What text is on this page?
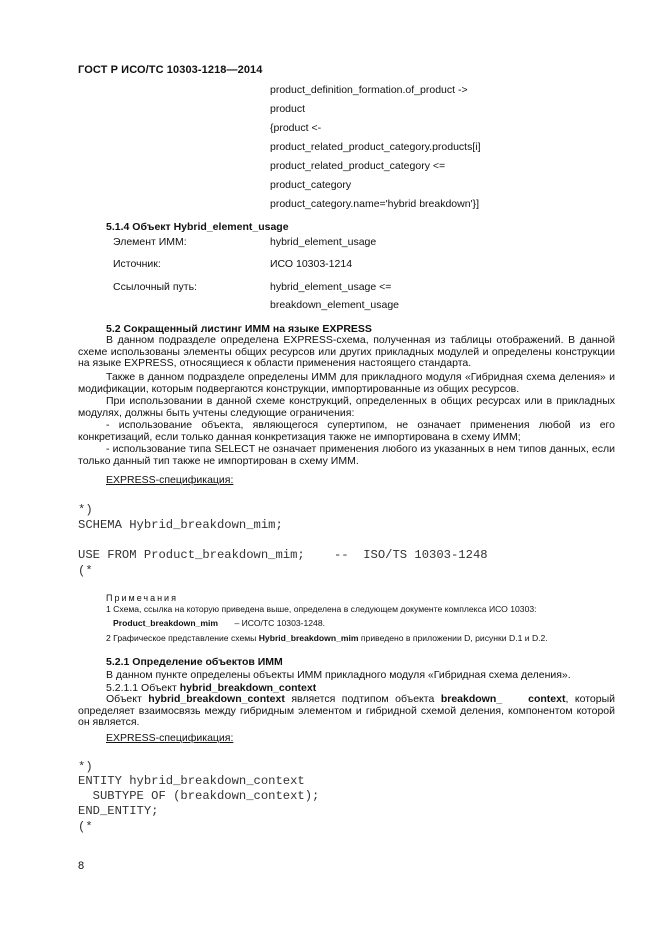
ГОСТ Р ИСО/ТС 10303-1218—2014
product_definition_formation.of_product ->
product
{product <-
product_related_product_category.products[i]
product_related_product_category <=
product_category
product_category.name='hybrid breakdown'}]
5.1.4 Объект Hybrid_element_usage
Элемент ИММ:	hybrid_element_usage
Источник:	ИСО 10303-1214
Ссылочный путь:	hybrid_element_usage <=
breakdown_element_usage
5.2 Сокращенный листинг ИММ на языке EXPRESS
В данном подразделе определена EXPRESS-схема, полученная из таблицы отображений. В данной схеме использованы элементы общих ресурсов или других прикладных модулей и определены конструкции на языке EXPRESS, относящиеся к области применения настоящего стандарта.
Также в данном подразделе определены ИММ для прикладного модуля «Гибридная схема деления» и модификации, которым подвергаются конструкции, импортированные из общих ресурсов.
При использовании в данной схеме конструкций, определенных в общих ресурсах или в прикладных модулях, должны быть учтены следующие ограничения:
- использование объекта, являющегося супертипом, не означает применения любой из его конкретизаций, если только данная конкретизация также не импортирована в схему ИММ;
- использование типа SELECT не означает применения любого из указанных в нем типов данных, если только данный тип также не импортирован в схему ИММ.
EXPRESS-спецификация:
*)
SCHEMA Hybrid_breakdown_mim;
USE FROM Product_breakdown_mim;    --  ISO/TS 10303-1248
(*
Примечания
1 Схема, ссылка на которую приведена выше, определена в следующем документе комплекса ИСО 10303:
Product_breakdown_mim – ИСО/ТС 10303-1248.
2 Графическое представление схемы Hybrid_breakdown_mim приведено в приложении D, рисунки D.1 и D.2.
5.2.1 Определение объектов ИММ
В данном пункте определены объекты ИММ прикладного модуля «Гибридная схема деления».
5.2.1.1 Объект hybrid_breakdown_context
Объект hybrid_breakdown_context является подтипом объекта breakdown_    context, который определяет взаимосвязь между гибридным элементом и гибридной схемой деления, компонентом которой он является.
EXPRESS-спецификация:
*)
ENTITY hybrid_breakdown_context
SUBTYPE OF (breakdown_context);
END_ENTITY;
(*
8
